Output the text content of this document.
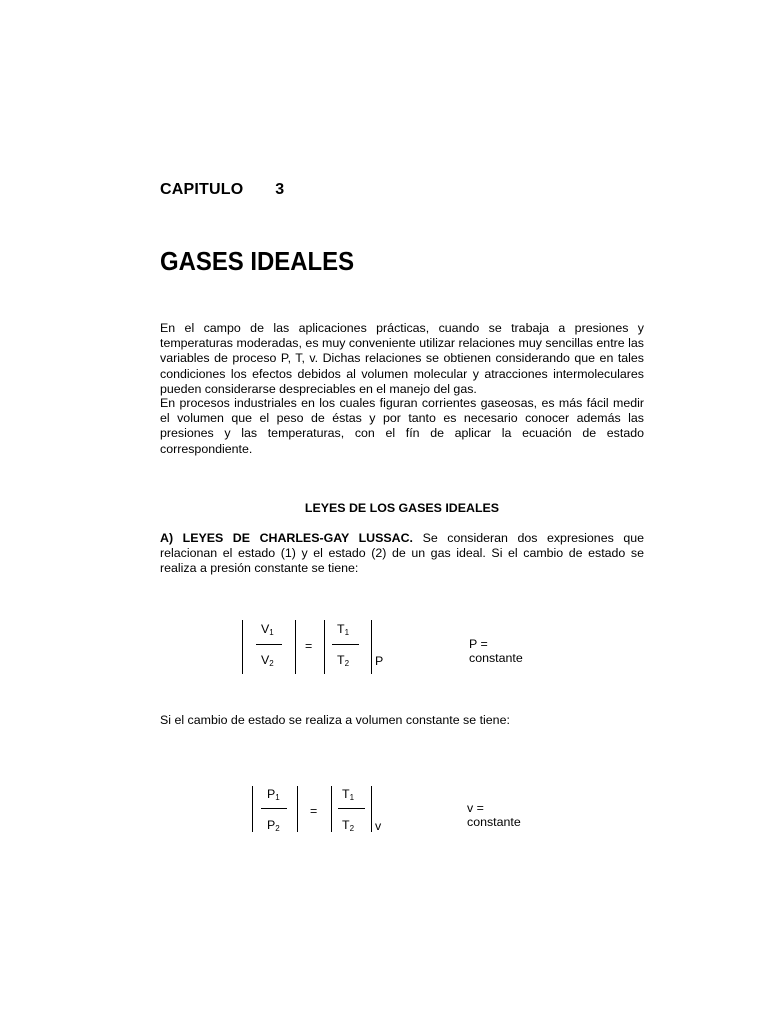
CAPITULO   3
GASES IDEALES

En el campo de las aplicaciones prácticas, cuando se trabaja a presiones y temperaturas moderadas, es muy conveniente utilizar relaciones muy sencillas entre las variables de proceso P, T, v. Dichas relaciones se obtienen considerando que en tales condiciones los efectos debidos al volumen molecular y atracciones intermoleculares pueden considerarse despreciables en el manejo del gas.

En procesos industriales en los cuales figuran corrientes gaseosas, es más fácil medir el volumen que el peso de éstas y por tanto es necesario conocer además las presiones y las temperaturas, con el fín de aplicar la ecuación de estado correspondiente.

LEYES DE LOS GASES IDEALES

A) LEYES DE CHARLES-GAY LUSSAC. Se consideran dos expresiones que relacionan el estado (1) y el estado (2) de un gas ideal. Si el cambio de estado se realiza a presión constante se tiene:

$V_1$
$V_2$
=
$T_1$
$T_2$ P
P = constante

Si el cambio de estado se realiza a volumen constante se tiene:

$P_1$
$P_2$
=
$T_1$
$T_2$ v
v = constante
